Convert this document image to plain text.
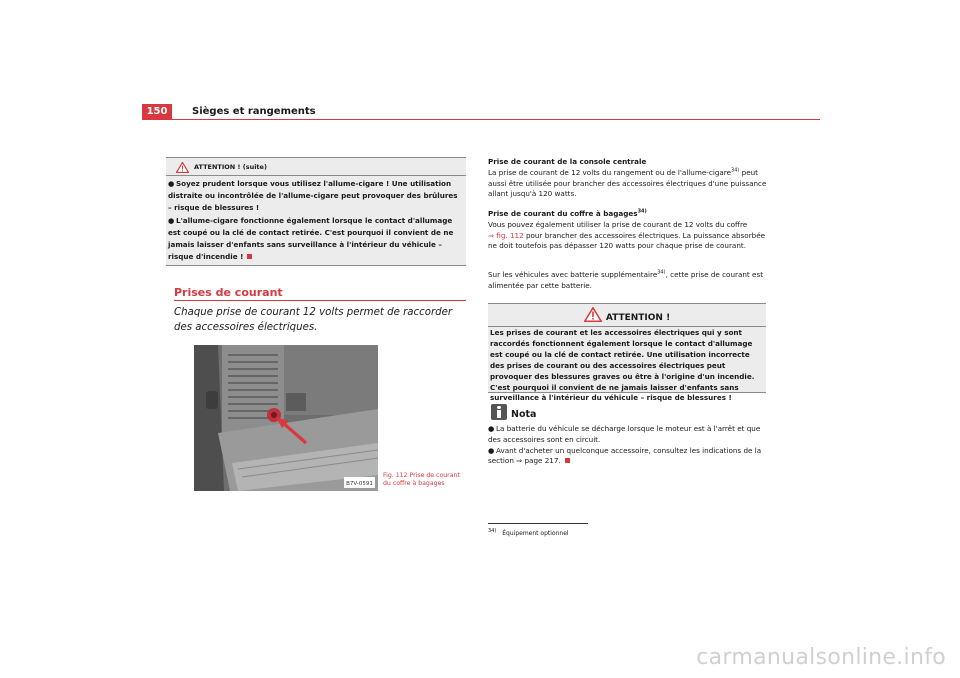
150	Sièges et rangements
ATTENTION ! (suite)

● Soyez prudent lorsque vous utilisez l'allume-cigare ! Une utilisation distraite ou incontrôlée de l'allume-cigare peut provoquer des brûlures – risque de blessures !

● L'allume-cigare fonctionne également lorsque le contact d'allumage est coupé ou la clé de contact retirée. C'est pourquoi il convient de ne jamais laisser d'enfants sans surveillance à l'intérieur du véhicule – risque d'incendie !

Prises de courant
Chaque prise de courant 12 volts permet de raccorder des accessoires électriques.
B7V-0591
Fig. 112 Prise de courant
du coffre à bagages

Prise de courant de la console centrale

La prise de courant de 12 volts du rangement ou de l'allume-cigare$^{34)}$ peut aussi être utilisée pour brancher des accessoires électriques d'une puissance allant jusqu'à 120 watts.

Prise de courant du coffre à bagages$^{34)}$

Vous pouvez également utiliser la prise de courant de 12 volts du coffre
⇒ fig. 112 pour brancher des accessoires électriques. La puissance absorbée ne doit toutefois pas dépasser 120 watts pour chaque prise de courant.

Sur les véhicules avec batterie supplémentaire$^{34)}$, cette prise de courant est alimentée par cette batterie.

ATTENTION !
Les prises de courant et les accessoires électriques qui y sont raccordés fonctionnent également lorsque le contact d'allumage est coupé ou la clé de contact retirée. Une utilisation incorrecte des prises de courant ou des accessoires électriques peut provoquer des blessures graves ou être à l'origine d'un incendie. C'est pourquoi il convient de ne jamais laisser d'enfants sans surveillance à l'intérieur du véhicule – risque de blessures !
Nota

● La batterie du véhicule se décharge lorsque le moteur est à l'arrêt et que des accessoires sont en circuit.

● Avant d'acheter un quelconque accessoire, consultez les indications de la section ⇒ page 217.

$^{34)}$ Équipement optionnel
carmanualsonline.info
